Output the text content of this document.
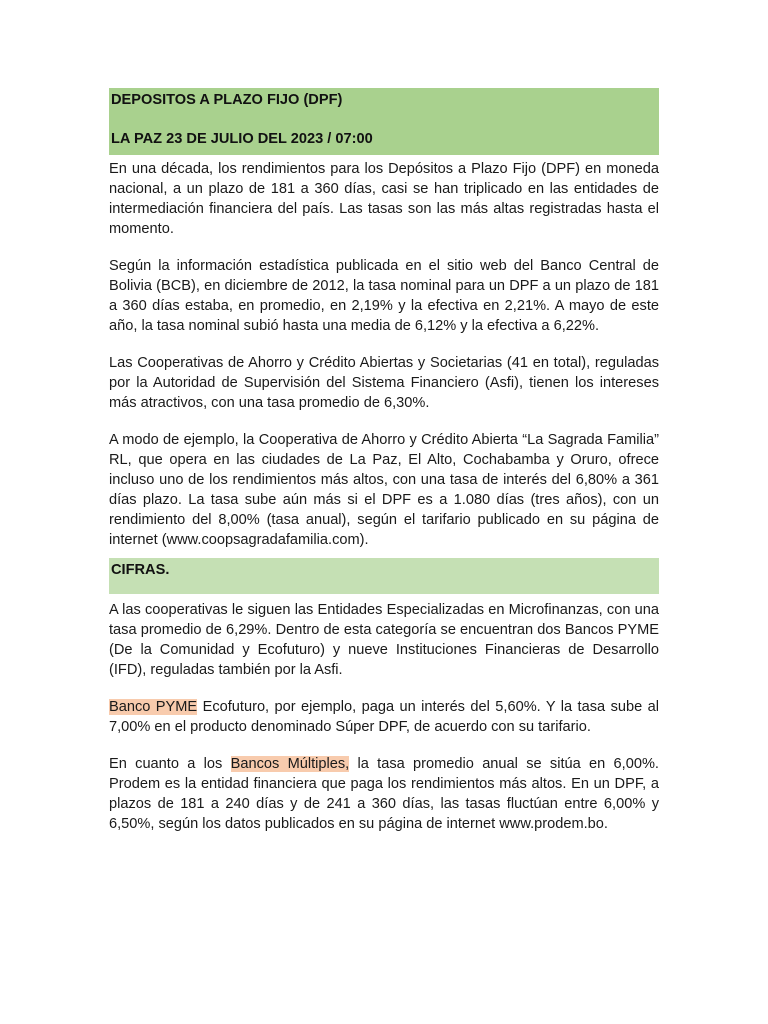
DEPOSITOS A PLAZO FIJO (DPF)
LA PAZ 23 DE JULIO DEL 2023 / 07:00

En una década, los rendimientos para los Depósitos a Plazo Fijo (DPF) en moneda nacional, a un plazo de 181 a 360 días, casi se han triplicado en las entidades de intermediación financiera del país. Las tasas son las más altas registradas hasta el momento.

Según la información estadística publicada en el sitio web del Banco Central de Bolivia (BCB), en diciembre de 2012, la tasa nominal para un DPF a un plazo de 181 a 360 días estaba, en promedio, en 2,19% y la efectiva en 2,21%. A mayo de este año, la tasa nominal subió hasta una media de 6,12% y la efectiva a 6,22%.

Las Cooperativas de Ahorro y Crédito Abiertas y Societarias (41 en total), reguladas por la Autoridad de Supervisión del Sistema Financiero (Asfi), tienen los intereses más atractivos, con una tasa promedio de 6,30%.

A modo de ejemplo, la Cooperativa de Ahorro y Crédito Abierta “La Sagrada Familia” RL, que opera en las ciudades de La Paz, El Alto, Cochabamba y Oruro, ofrece incluso uno de los rendimientos más altos, con una tasa de interés del 6,80% a 361 días plazo. La tasa sube aún más si el DPF es a 1.080 días (tres años), con un rendimiento del 8,00% (tasa anual), según el tarifario publicado en su página de internet (www.coopsagradafamilia.com).

CIFRAS.

A las cooperativas le siguen las Entidades Especializadas en Microfinanzas, con una tasa promedio de 6,29%. Dentro de esta categoría se encuentran dos Bancos PYME (De la Comunidad y Ecofuturo) y nueve Instituciones Financieras de Desarrollo (IFD), reguladas también por la Asfi.

Banco PYME Ecofuturo, por ejemplo, paga un interés del 5,60%. Y la tasa sube al 7,00% en el producto denominado Súper DPF, de acuerdo con su tarifario.

En cuanto a los Bancos Múltiples, la tasa promedio anual se sitúa en 6,00%. Prodem es la entidad financiera que paga los rendimientos más altos. En un DPF, a plazos de 181 a 240 días y de 241 a 360 días, las tasas fluctúan entre 6,00% y 6,50%, según los datos publicados en su página de internet www.prodem.bo.
